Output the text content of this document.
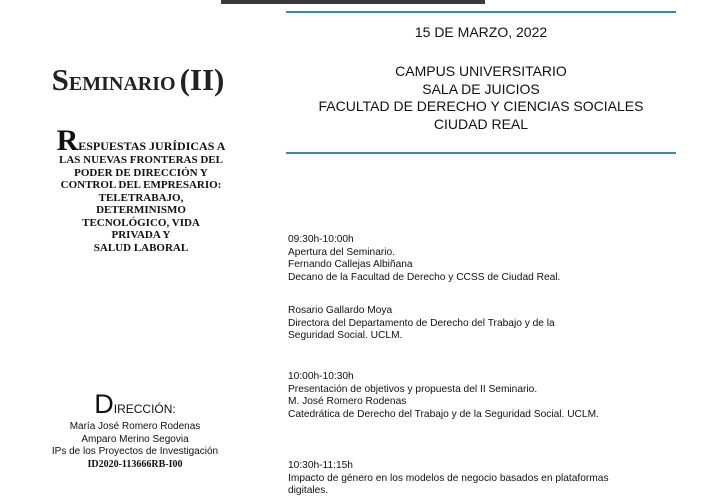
SEMINARIO (II)
RESPUESTAS JURÍDICAS A
LAS NUEVAS FRONTERAS DEL
PODER DE DIRECCIÓN Y
CONTROL DEL EMPRESARIO:
TELETRABAJO,
DETERMINISMO
TECNOLÓGICO, VIDA
PRIVADA Y
SALUD LABORAL
DIRECCIÓN:
María José Romero Rodenas
Amparo Merino Segovia
IPs de los Proyectos de Investigación
ID2020-113666RB-I00
15 DE MARZO, 2022
CAMPUS UNIVERSITARIO
SALA DE JUICIOS
FACULTAD DE DERECHO Y CIENCIAS SOCIALES
CIUDAD REAL
09:30h-10:00h
Apertura del Seminario.
Fernando Callejas Albiñana
Decano de la Facultad de Derecho y CCSS de Ciudad Real.
Rosario Gallardo Moya
Directora del Departamento de Derecho del Trabajo y de la
Seguridad Social. UCLM.
10:00h-10:30h
Presentación de objetivos y propuesta del II Seminario.
M. José Romero Rodenas
Catedrática de Derecho del Trabajo y de la Seguridad Social. UCLM.
10:30h-11:15h
Impacto de género en los modelos de negocio basados en plataformas
digitales.
